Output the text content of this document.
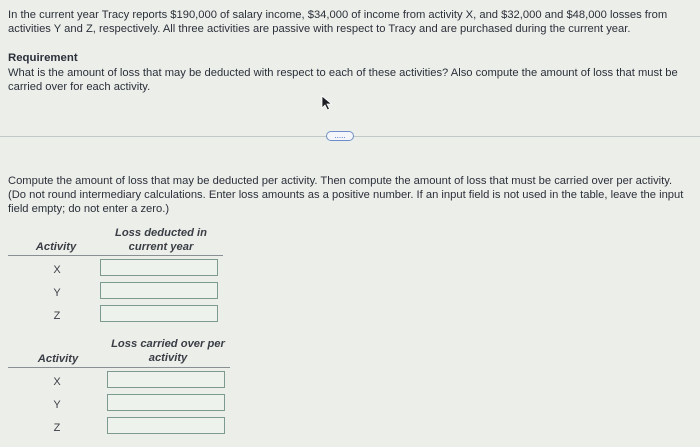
In the current year Tracy reports $190,000 of salary income, $34,000 of income from activity X, and $32,000 and $48,000 losses from activities Y and Z, respectively. All three activities are passive with respect to Tracy and are purchased during the current year.
Requirement
What is the amount of loss that may be deducted with respect to each of these activities? Also compute the amount of loss that must be carried over for each activity.
.....
Compute the amount of loss that may be deducted per activity. Then compute the amount of loss that must be carried over per activity. (Do not round intermediary calculations. Enter loss amounts as a positive number. If an input field is not used in the table, leave the input field empty; do not enter a zero.)
Activity
Loss deducted in current year
X
Y
Z
Activity
Loss carried over per activity
X
Y
Z
